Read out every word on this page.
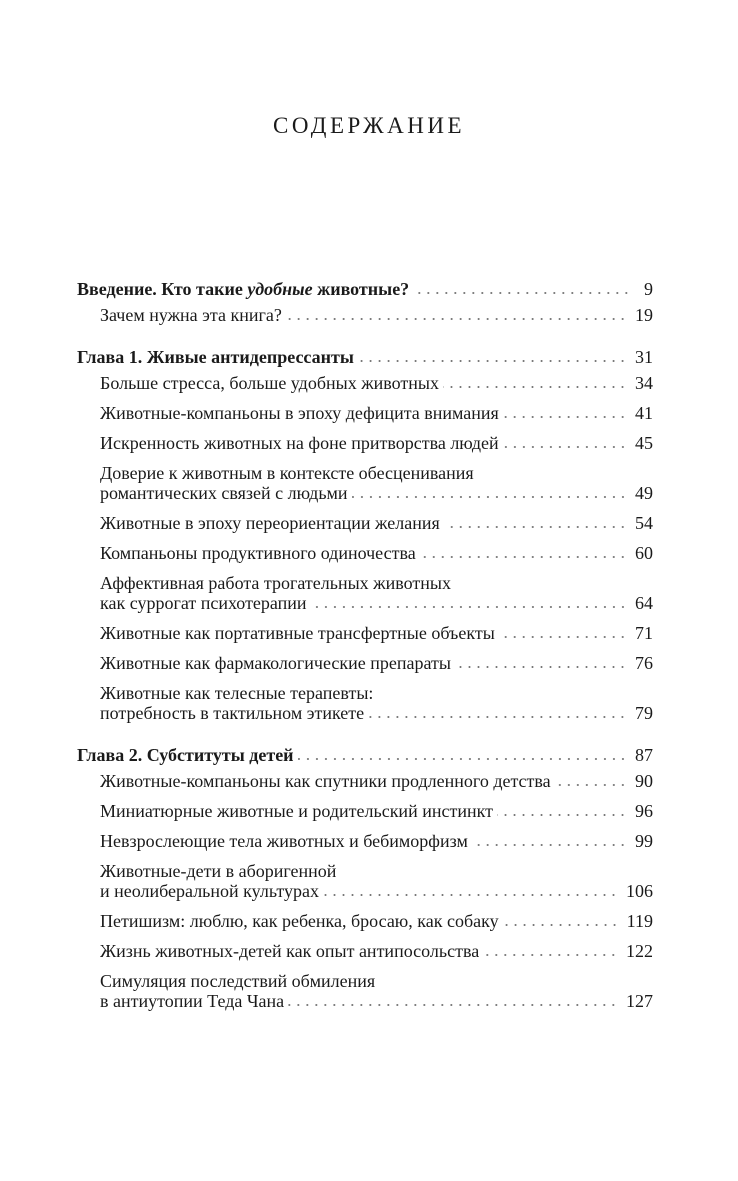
СОДЕРЖАНИЕ
Введение. Кто такие удобные животные?	9
Зачем нужна эта книга?	19
Глава 1. Живые антидепрессанты	31
Больше стресса, больше удобных животных	34
Животные-компаньоны в эпоху дефицита внимания	41
Искренность животных на фоне притворства людей	45
Доверие к животным в контексте обесценивания
романтических связей с людьми	49
Животные в эпоху переориентации желания	54
Компаньоны продуктивного одиночества	60
Аффективная работа трогательных животных
как суррогат психотерапии	64
Животные как портативные трансфертные объекты	71
Животные как фармакологические препараты	76
Животные как телесные терапевты:
потребность в тактильном этикете	79
Глава 2. Субституты детей	87
Животные-компаньоны как спутники продленного детства	90
Миниатюрные животные и родительский инстинкт	96
Невзрослеющие тела животных и бебиморфизм	99
Животные-дети в аборигенной
и неолиберальной культурах	106
Петишизм: люблю, как ребенка, бросаю, как собаку	119
Жизнь животных-детей как опыт антипосольства	122
Симуляция последствий обмиления
в антиутопии Теда Чана	127
